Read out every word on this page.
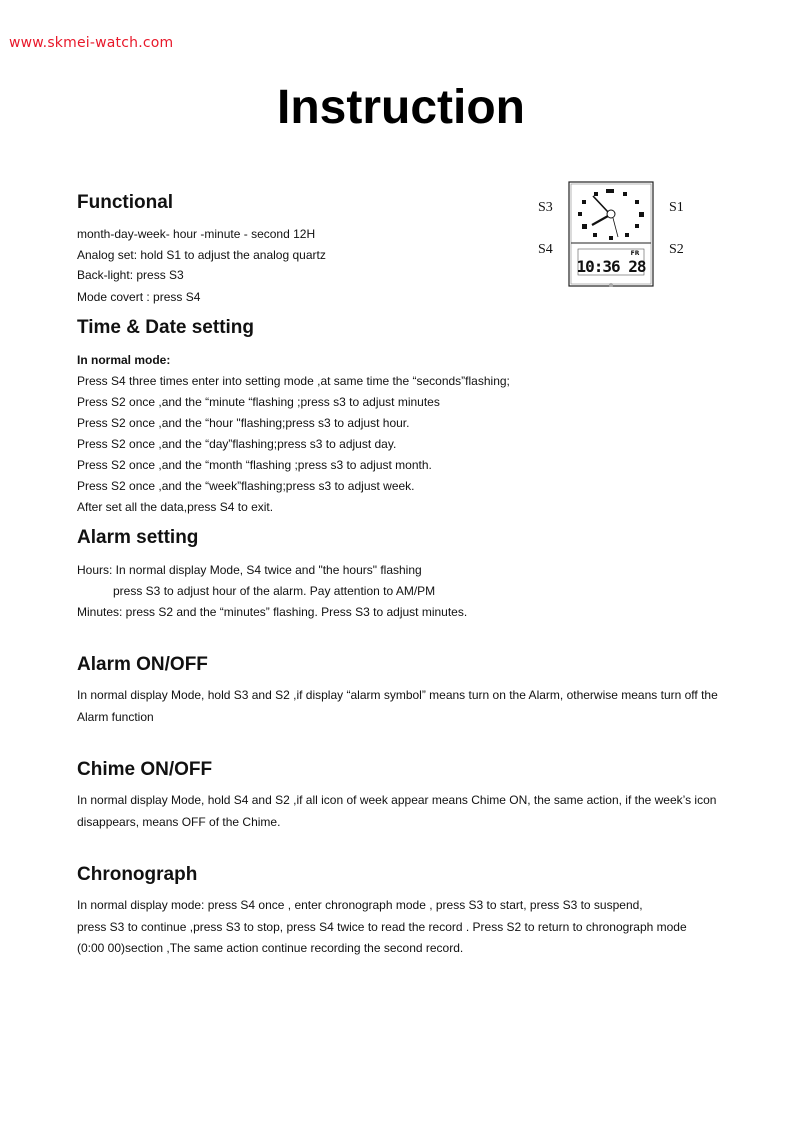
www.skmei-watch.com
Instruction
Functional
month-day-week- hour -minute - second 12H
Analog set: hold S1 to adjust the analog quartz
Back-light: press S3
Mode covert : press S4
S3	S1
S4	S2
FR
10:36 28
Time & Date setting
In normal mode:
Press S4 three times enter into setting mode ,at same time the “seconds”flashing;
Press S2 once ,and the “minute “flashing ;press s3 to adjust minutes
Press S2 once ,and the “hour "flashing;press s3 to adjust hour.
Press S2 once ,and the “day”flashing;press s3 to adjust day.
Press S2 once ,and the “month “flashing ;press s3 to adjust month.
Press S2 once ,and the “week”flashing;press s3 to adjust week.
After set all the data,press S4 to exit.
Alarm setting
Hours: In normal display Mode, S4 twice and "the hours" flashing
press S3 to adjust hour of the alarm. Pay attention to AM/PM
Minutes: press S2 and the “minutes” flashing. Press S3 to adjust minutes.
Alarm ON/OFF
In normal display Mode, hold S3 and S2 ,if display “alarm symbol” means turn on the Alarm, otherwise means turn off the
Alarm function
Chime ON/OFF
In normal display Mode, hold S4 and S2 ,if all icon of week appear means Chime ON, the same action, if the week’s icon
disappears, means OFF of the Chime.
Chronograph
In normal display mode: press S4 once , enter chronograph mode , press S3 to start, press S3 to suspend,
press S3 to continue ,press S3 to stop, press S4 twice to read the record . Press S2 to return to chronograph mode
(0:00 00)section ,The same action continue recording the second record.
